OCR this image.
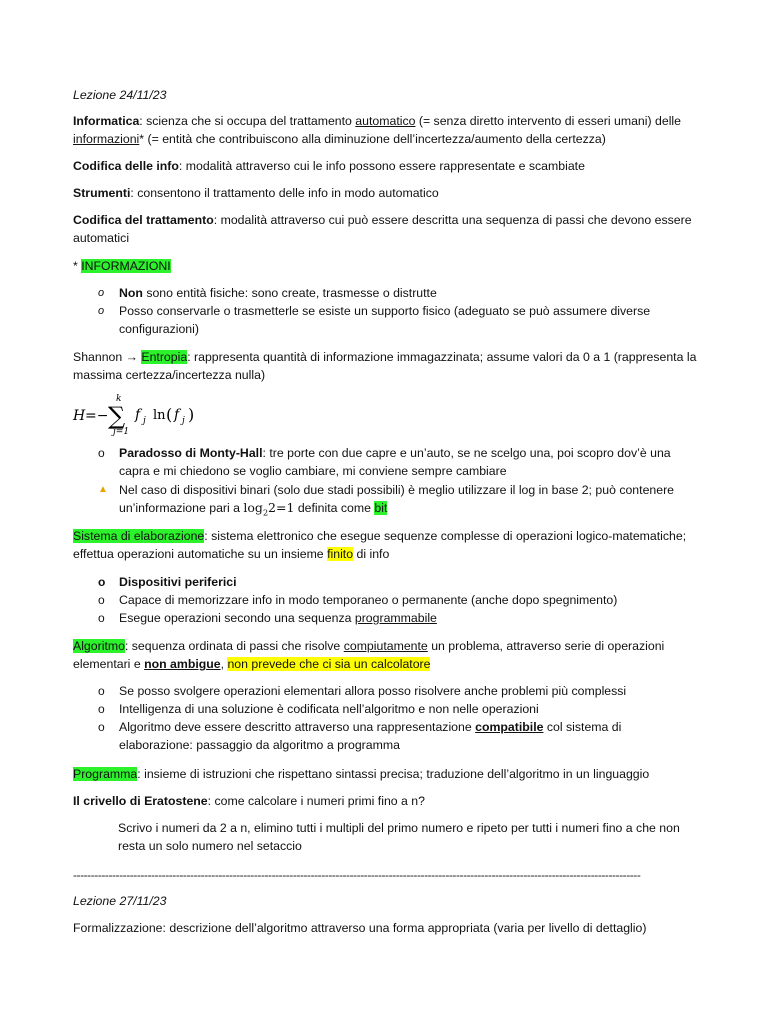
Lezione 24/11/23
Informatica: scienza che si occupa del trattamento automatico (= senza diretto intervento di esseri umani) delle informazioni* (= entità che contribuiscono alla diminuzione dell’incertezza/aumento della certezza)
Codifica delle info: modalità attraverso cui le info possono essere rappresentate e scambiate
Strumenti: consentono il trattamento delle info in modo automatico
Codifica del trattamento: modalità attraverso cui può essere descritta una sequenza di passi che devono essere automatici
* INFORMAZIONI
o	Non sono entità fisiche: sono create, trasmesse o distrutte
o	Posso conservarle o trasmetterle se esiste un supporto fisico (adeguato se può assumere diverse configurazioni)
Shannon → Entropia: rappresenta quantità di informazione immagazzinata; assume valori da 0 a 1 (rappresenta la massima certezza/incertezza nulla)
H =−
k
∑
j=1
f j ln ( f j )
o	Paradosso di Monty-Hall: tre porte con due capre e un’auto, se ne scelgo una, poi scopro dov’è una capra e mi chiedono se voglio cambiare, mi conviene sempre cambiare
▲ Nel caso di dispositivi binari (solo due stadi possibili) è meglio utilizzare il log in base 2; può contenere un’informazione pari a $\log_22=1$ definita come bit
Sistema di elaborazione: sistema elettronico che esegue sequenze complesse di operazioni logico-matematiche; effettua operazioni automatiche su un insieme finito di info
o	Dispositivi periferici
o	Capace di memorizzare info in modo temporaneo o permanente (anche dopo spegnimento)
o	Esegue operazioni secondo una sequenza programmabile
Algoritmo: sequenza ordinata di passi che risolve compiutamente un problema, attraverso serie di operazioni elementari e non ambigue, non prevede che ci sia un calcolatore
o	Se posso svolgere operazioni elementari allora posso risolvere anche problemi più complessi
o	Intelligenza di una soluzione è codificata nell’algoritmo e non nelle operazioni
o	Algoritmo deve essere descritto attraverso una rappresentazione compatibile col sistema di elaborazione: passaggio da algoritmo a programma
Programma: insieme di istruzioni che rispettano sintassi precisa; traduzione dell’algoritmo in un linguaggio
Il crivello di Eratostene: come calcolare i numeri primi fino a n?
Scrivo i numeri da 2 a n, elimino tutti i multipli del primo numero e ripeto per tutti i numeri fino a che non resta un solo numero nel setaccio
----------------------------------------------------------------------------------------------------------------------------------------------------------------
Lezione 27/11/23
Formalizzazione: descrizione dell’algoritmo attraverso una forma appropriata (varia per livello di dettaglio)
